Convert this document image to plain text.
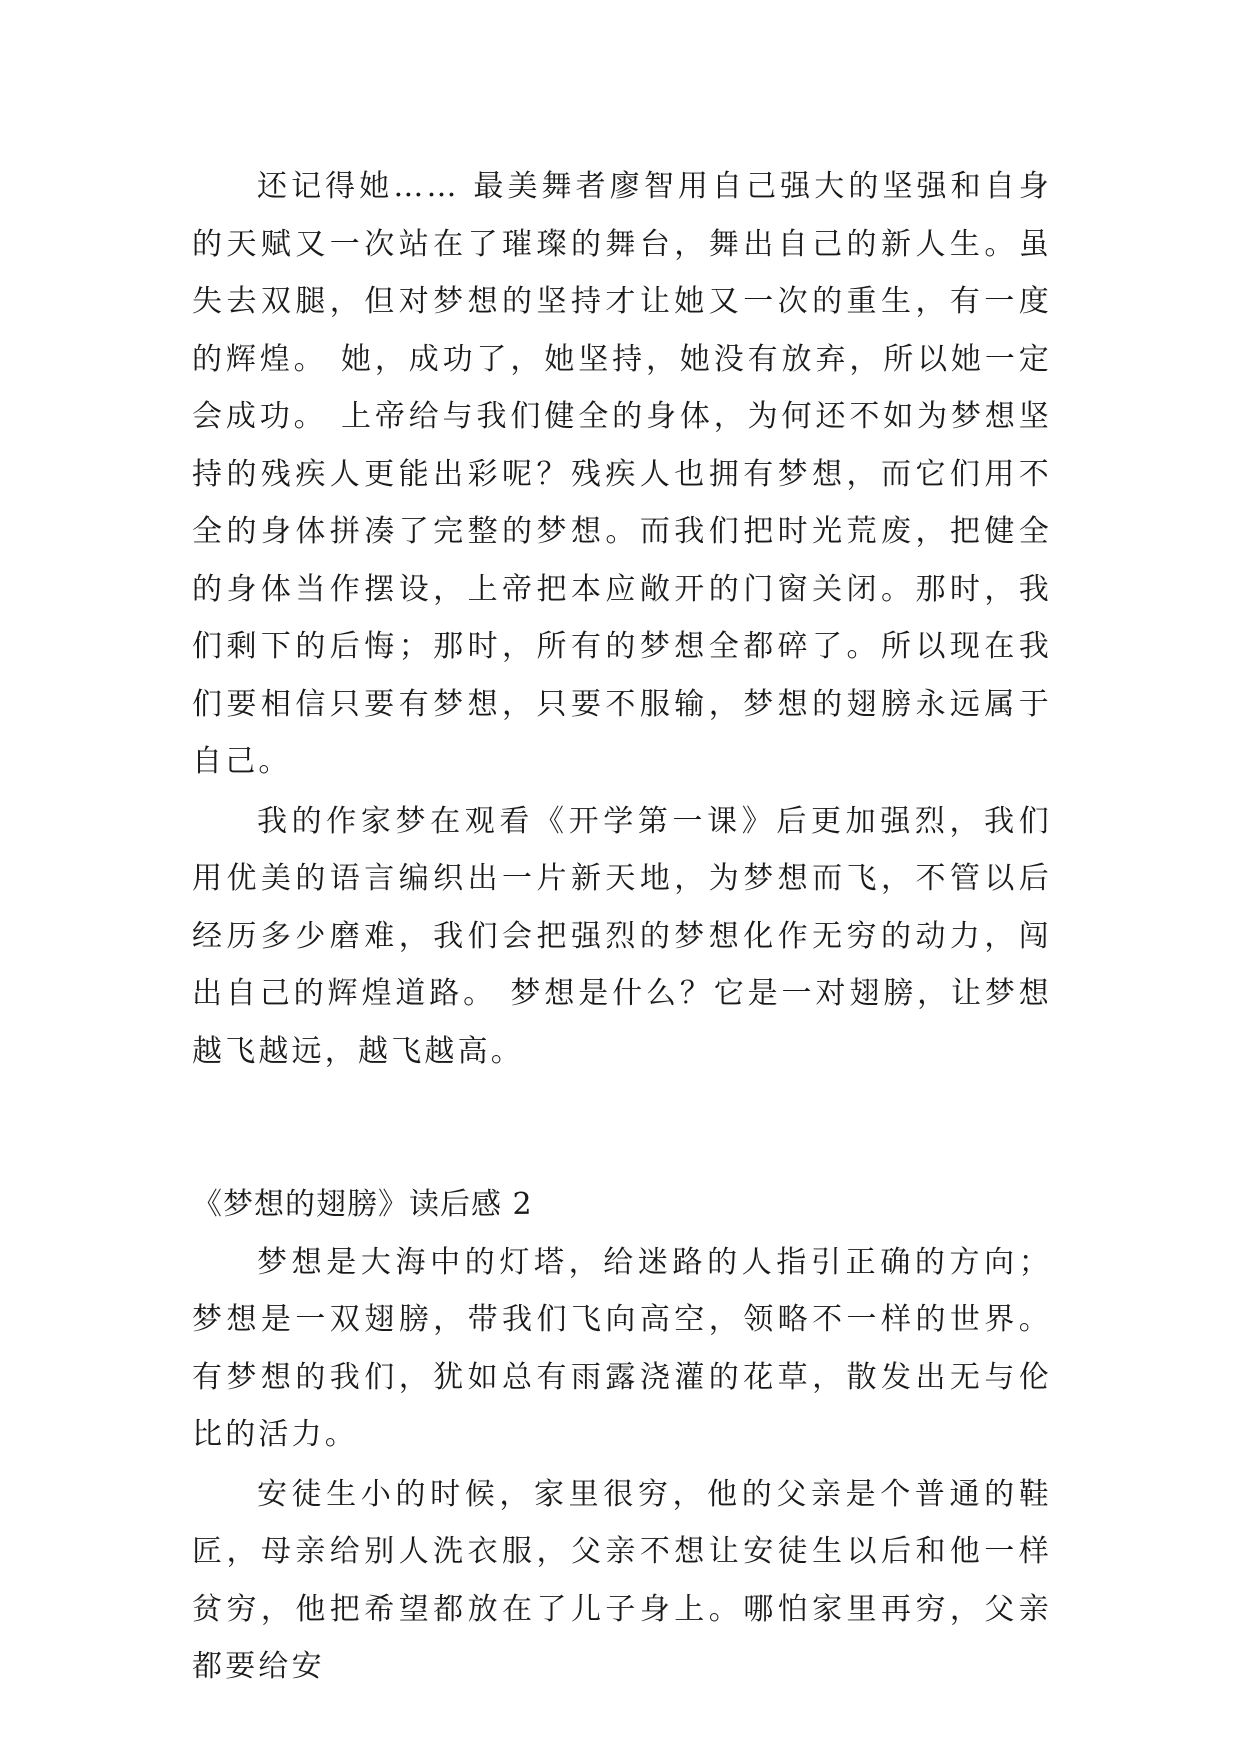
还记得她…… 最美舞者廖智用自己强大的坚强和自身的天赋又一次站在了璀璨的舞台，舞出自己的新人生。虽失去双腿，但对梦想的坚持才让她又一次的重生，有一度的辉煌。 她，成功了，她坚持，她没有放弃，所以她一定会成功。 上帝给与我们健全的身体，为何还不如为梦想坚持的残疾人更能出彩呢？残疾人也拥有梦想，而它们用不全的身体拼凑了完整的梦想。而我们把时光荒废，把健全的身体当作摆设，上帝把本应敞开的门窗关闭。那时，我们剩下的后悔；那时，所有的梦想全都碎了。所以现在我们要相信只要有梦想，只要不服输，梦想的翅膀永远属于自己。

我的作家梦在观看《开学第一课》后更加强烈，我们用优美的语言编织出一片新天地，为梦想而飞，不管以后经历多少磨难，我们会把强烈的梦想化作无穷的动力，闯出自己的辉煌道路。 梦想是什么？它是一对翅膀，让梦想越飞越远，越飞越高。

《梦想的翅膀》读后感 2

梦想是大海中的灯塔，给迷路的人指引正确的方向；梦想是一双翅膀，带我们飞向高空，领略不一样的世界。有梦想的我们，犹如总有雨露浇灌的花草，散发出无与伦比的活力。

安徒生小的时候，家里很穷，他的父亲是个普通的鞋匠，母亲给别人洗衣服，父亲不想让安徒生以后和他一样贫穷，他把希望都放在了儿子身上。哪怕家里再穷，父亲都要给安
